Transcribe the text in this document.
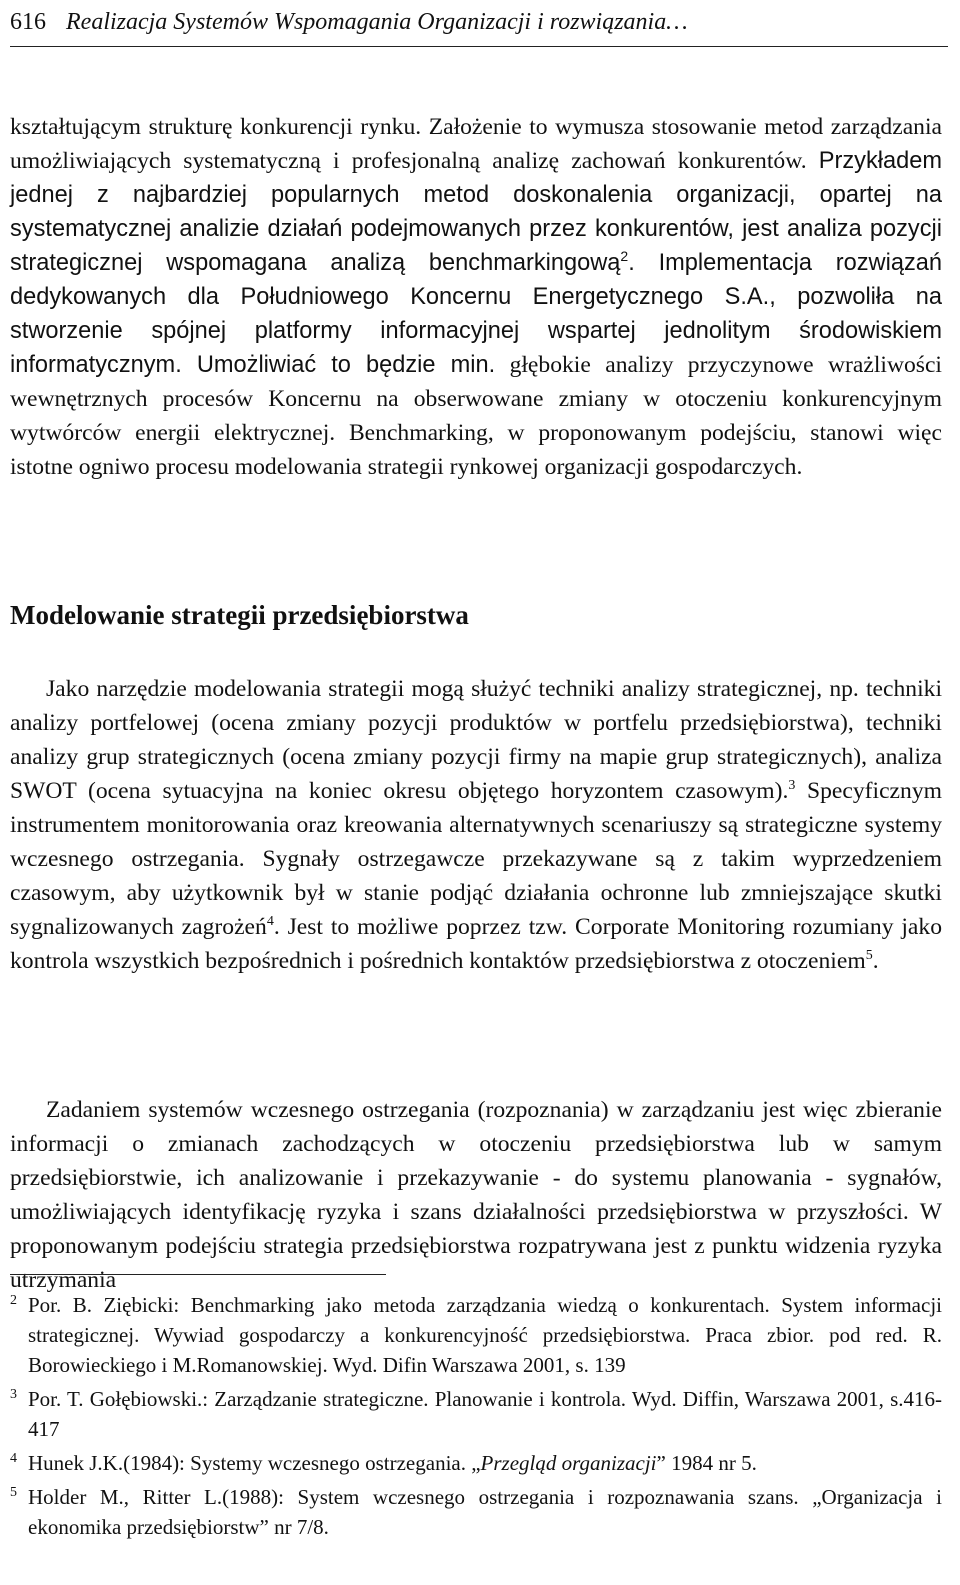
616 Realizacja Systemów Wspomagania Organizacji i rozwiązania…

kształtującym strukturę konkurencji rynku. Założenie to wymusza stosowanie metod zarządzania umożliwiających systematyczną i profesjonalną analizę zachowań konkurentów. Przykładem jednej z najbardziej popularnych metod doskonalenia organizacji, opartej na systematycznej analizie działań podejmowanych przez konkurentów, jest analiza pozycji strategicznej wspomagana analizą benchmarkingową$^2$. Implementacja rozwiązań dedykowanych dla Południowego Koncernu Energetycznego S.A., pozwoliła na stworzenie spójnej platformy informacyjnej wspartej jednolitym środowiskiem informatycznym. Umożliwiać to będzie min. głębokie analizy przyczynowe wrażliwości wewnętrznych procesów Koncernu na obserwowane zmiany w otoczeniu konkurencyjnym wytwórców energii elektrycznej. Benchmarking, w proponowanym podejściu, stanowi więc istotne ogniwo procesu modelowania strategii rynkowej organizacji gospodarczych.

Modelowanie strategii przedsiębiorstwa

Jako narzędzie modelowania strategii mogą służyć techniki analizy strategicznej, np. techniki analizy portfelowej (ocena zmiany pozycji produktów w portfelu przedsiębiorstwa), techniki analizy grup strategicznych (ocena zmiany pozycji firmy na mapie grup strategicznych), analiza SWOT (ocena sytuacyjna na koniec okresu objętego horyzontem czasowym).$^3$ Specyficznym instrumentem monitorowania oraz kreowania alternatywnych scenariuszy są strategiczne systemy wczesnego ostrzegania. Sygnały ostrzegawcze przekazywane są z takim wyprzedzeniem czasowym, aby użytkownik był w stanie podjąć działania ochronne lub zmniejszające skutki sygnalizowanych zagrożeń$^4$. Jest to możliwe poprzez tzw. Corporate Monitoring rozumiany jako kontrola wszystkich bezpośrednich i pośrednich kontaktów przedsiębiorstwa z otoczeniem$^5$.

Zadaniem systemów wczesnego ostrzegania (rozpoznania) w zarządzaniu jest więc zbieranie informacji o zmianach zachodzących w otoczeniu przedsiębiorstwa lub w samym przedsiębiorstwie, ich analizowanie i przekazywanie - do systemu planowania - sygnałów, umożliwiających identyfikację ryzyka i szans działalności przedsiębiorstwa w przyszłości. W proponowanym podejściu strategia przedsiębiorstwa rozpatrywana jest z punktu widzenia ryzyka utrzymania

2 Por. B. Ziębicki: Benchmarking jako metoda zarządzania wiedzą o konkurentach. System informacji strategicznej. Wywiad gospodarczy a konkurencyjność przedsiębiorstwa. Praca zbior. pod red. R. Borowieckiego i M.Romanowskiej. Wyd. Difin Warszawa 2001, s. 139

3 Por. T. Gołębiowski.: Zarządzanie strategiczne. Planowanie i kontrola. Wyd. Diffin, Warszawa 2001, s.416-417

4 Hunek J.K.(1984): Systemy wczesnego ostrzegania. „Przegląd organizacji” 1984 nr 5.

5 Holder M., Ritter L.(1988): System wczesnego ostrzegania i rozpoznawania szans. „Organizacja i ekonomika przedsiębiorstw” nr 7/8.
